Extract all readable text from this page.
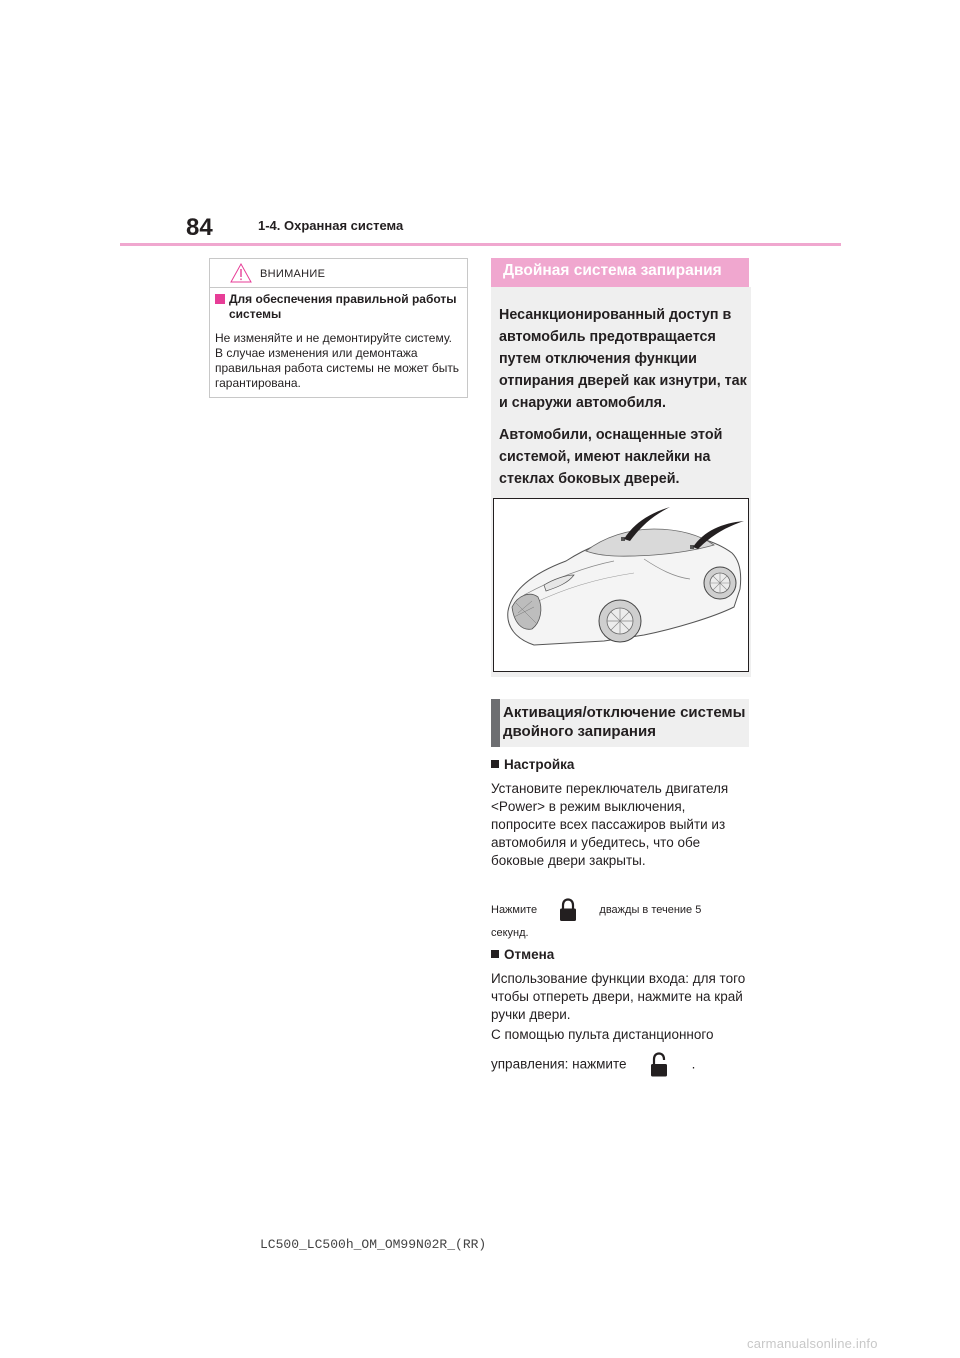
84	1-4. Охранная система
ВНИМАНИЕ
Для обеспечения правильной работы системы
Не изменяйте и не демонтируйте систему. В случае изменения или демонтажа правильная работа системы не может быть гарантирована.
Двойная система запирания

Несанкционированный доступ в автомобиль предотвращается путем отключения функции отпирания дверей как изнутри, так и снаружи автомобиля.

Автомобили, оснащенные этой системой, имеют наклейки на стеклах боковых дверей.

Активация/отключение системы двойного запирания
Настройка
Установите переключатель двигателя <Power> в режим выключения, попросите всех пассажиров выйти из автомобиля и убедитесь, что обе боковые двери закрыты.
Нажмите	дважды в течение 5
секунд.
Отмена
Использование функции входа: для того чтобы отпереть двери, нажмите на край ручки двери.
С помощью пульта дистанционного
управления: нажмите	.
LC500_LC500h_OM_OM99N02R_(RR)
carmanualsonline.info
